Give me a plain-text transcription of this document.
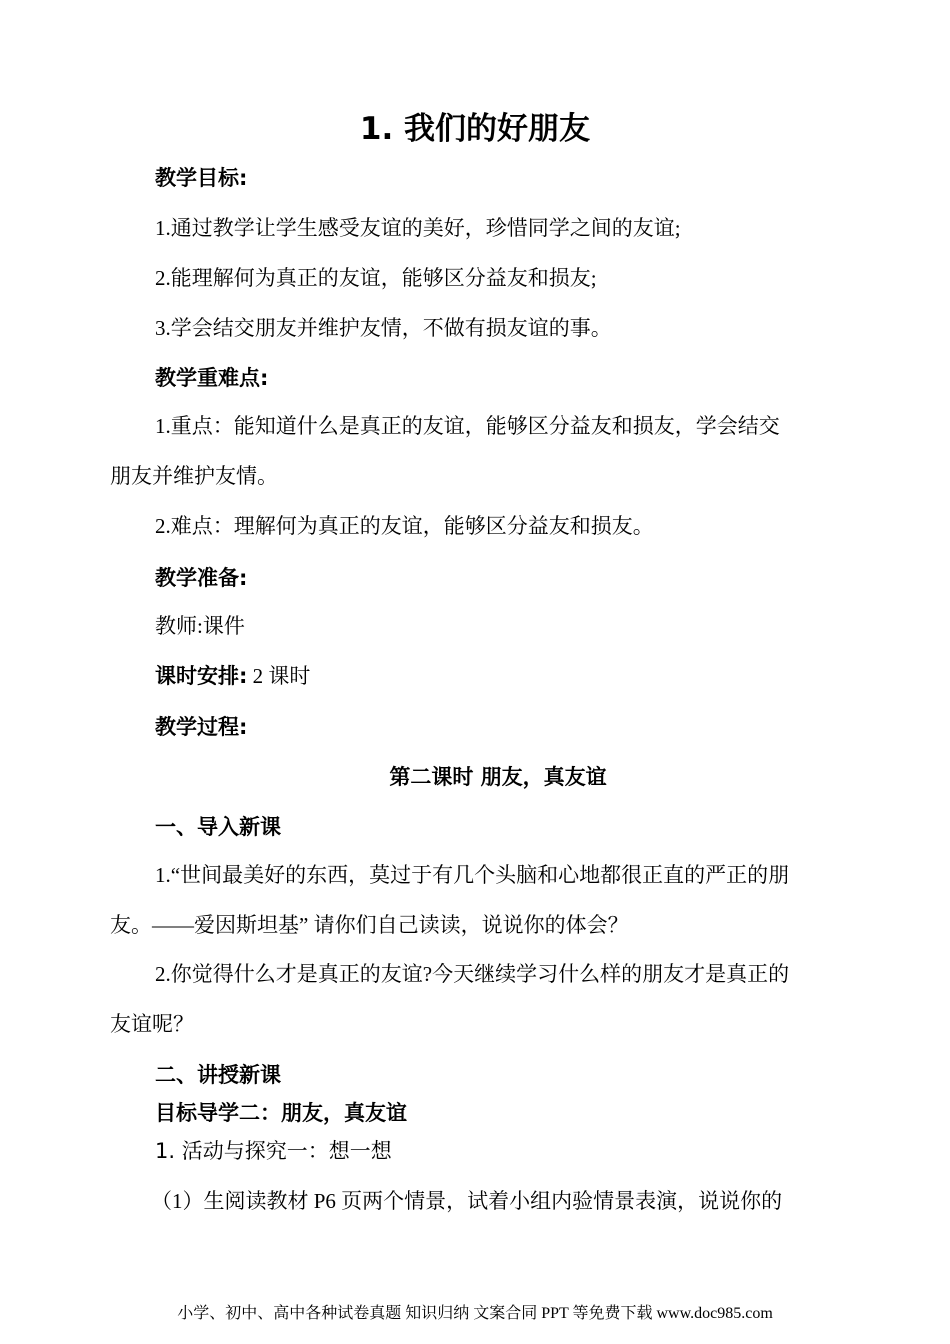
1. 我们的好朋友
教学目标:
1.通过教学让学生感受友谊的美好，珍惜同学之间的友谊;
2.能理解何为真正的友谊，能够区分益友和损友;
3.学会结交朋友并维护友情，不做有损友谊的事。
教学重难点:
1.重点：能知道什么是真正的友谊，能够区分益友和损友，学会结交
朋友并维护友情。
2.难点：理解何为真正的友谊，能够区分益友和损友。
教学准备:
教师:课件
课时安排: 2 课时
教学过程:
第二课时 朋友，真友谊
一、导入新课
1.“世间最美好的东西，莫过于有几个头脑和心地都很正直的严正的朋
友。——爱因斯坦基” 请你们自己读读，说说你的体会？
2.你觉得什么才是真正的友谊?今天继续学习什么样的朋友才是真正的
友谊呢？
二、讲授新课
目标导学二：朋友，真友谊
1. 活动与探究一：想一想
（1）生阅读教材 P6 页两个情景，试着小组内验情景表演，说说你的
小学、初中、高中各种试卷真题 知识归纳 文案合同 PPT 等免费下载 www.doc985.com
